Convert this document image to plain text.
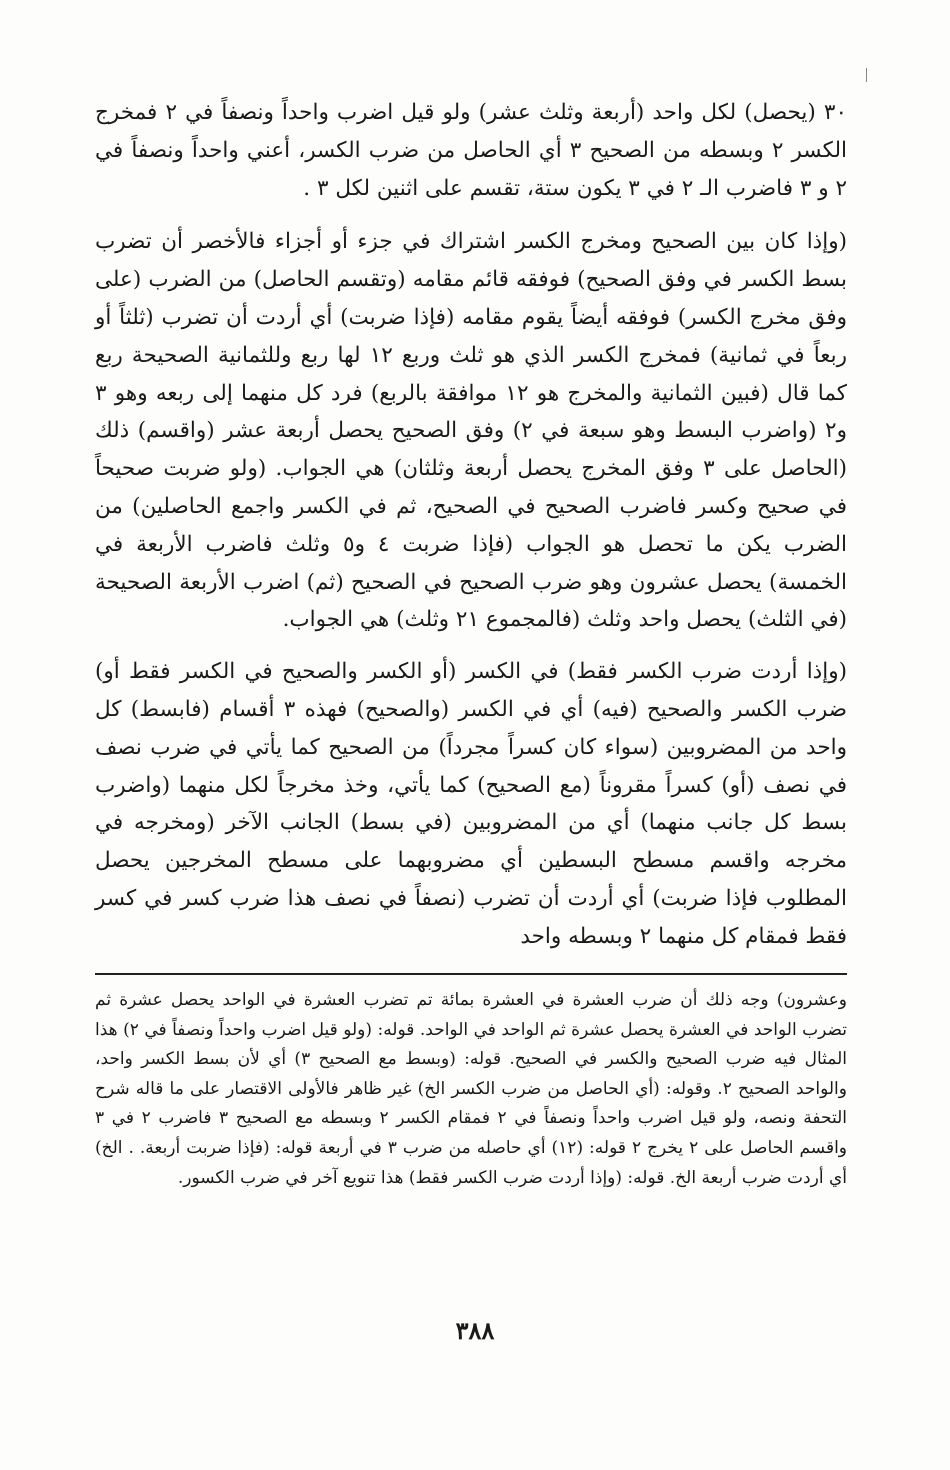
٣٠ (يحصل) لكل واحد (أربعة وثلث عشر) ولو قيل اضرب واحداً ونصفاً في ٢ فمخرج الكسر ٢ وبسطه من الصحيح ٣ أي الحاصل من ضرب الكسر، أعني واحداً ونصفاً في ٢ و ٣ فاضرب الـ ٢ في ٣ يكون ستة، تقسم على اثنين لكل ٣ .

(وإذا كان بين الصحيح ومخرج الكسر اشتراك في جزء أو أجزاء فالأخصر أن تضرب بسط الكسر في وفق الصحيح) فوفقه قائم مقامه (وتقسم الحاصل) من الضرب (على وفق مخرج الكسر) فوفقه أيضاً يقوم مقامه (فإذا ضربت) أي أردت أن تضرب (ثلثاً أو ربعاً في ثمانية) فمخرج الكسر الذي هو ثلث وربع ١٢ لها ربع وللثمانية الصحيحة ربع كما قال (فبين الثمانية والمخرج هو ١٢ موافقة بالربع) فرد كل منهما إلى ربعه وهو ٣ و٢ (واضرب البسط وهو سبعة في ٢) وفق الصحيح يحصل أربعة عشر (واقسم) ذلك (الحاصل على ٣ وفق المخرج يحصل أربعة وثلثان) هي الجواب. (ولو ضربت صحيحاً في صحيح وكسر فاضرب الصحيح في الصحيح، ثم في الكسر واجمع الحاصلين) من الضرب يكن ما تحصل هو الجواب (فإذا ضربت ٤ و٥ وثلث فاضرب الأربعة في الخمسة) يحصل عشرون وهو ضرب الصحيح في الصحيح (ثم) اضرب الأربعة الصحيحة (في الثلث) يحصل واحد وثلث (فالمجموع ٢١ وثلث) هي الجواب.

(وإذا أردت ضرب الكسر فقط) في الكسر (أو الكسر والصحيح في الكسر فقط أو) ضرب الكسر والصحيح (فيه) أي في الكسر (والصحيح) فهذه ٣ أقسام (فابسط) كل واحد من المضروبين (سواء كان كسراً مجرداً) من الصحيح كما يأتي في ضرب نصف في نصف (أو) كسراً مقروناً (مع الصحيح) كما يأتي، وخذ مخرجاً لكل منهما (واضرب بسط كل جانب منهما) أي من المضروبين (في بسط) الجانب الآخر (ومخرجه في مخرجه واقسم مسطح البسطين أي مضروبهما على مسطح المخرجين يحصل المطلوب فإذا ضربت) أي أردت أن تضرب (نصفاً في نصف هذا ضرب كسر في كسر فقط فمقام كل منهما ٢ وبسطه واحد

وعشرون) وجه ذلك أن ضرب العشرة في العشرة بمائة تم تضرب العشرة في الواحد يحصل عشرة ثم تضرب الواحد في العشرة يحصل عشرة ثم الواحد في الواحد. قوله: (ولو قيل اضرب واحداً ونصفاً في ٢) هذا المثال فيه ضرب الصحيح والكسر في الصحيح. قوله: (وبسط مع الصحيح ٣) أي لأن بسط الكسر واحد، والواحد الصحيح ٢. وقوله: (أي الحاصل من ضرب الكسر الخ) غير ظاهر فالأولى الاقتصار على ما قاله شرح التحفة ونصه، ولو قيل اضرب واحداً ونصفاً في ٢ فمقام الكسر ٢ وبسطه مع الصحيح ٣ فاضرب ٢ في ٣ واقسم الحاصل على ٢ يخرج ٢ قوله: (١٢) أي حاصله من ضرب ٣ في أربعة قوله: (فإذا ضربت أربعة. . الخ) أي أردت ضرب أربعة الخ. قوله: (وإذا أردت ضرب الكسر فقط) هذا تنويع آخر في ضرب الكسور.

٣٨٨
